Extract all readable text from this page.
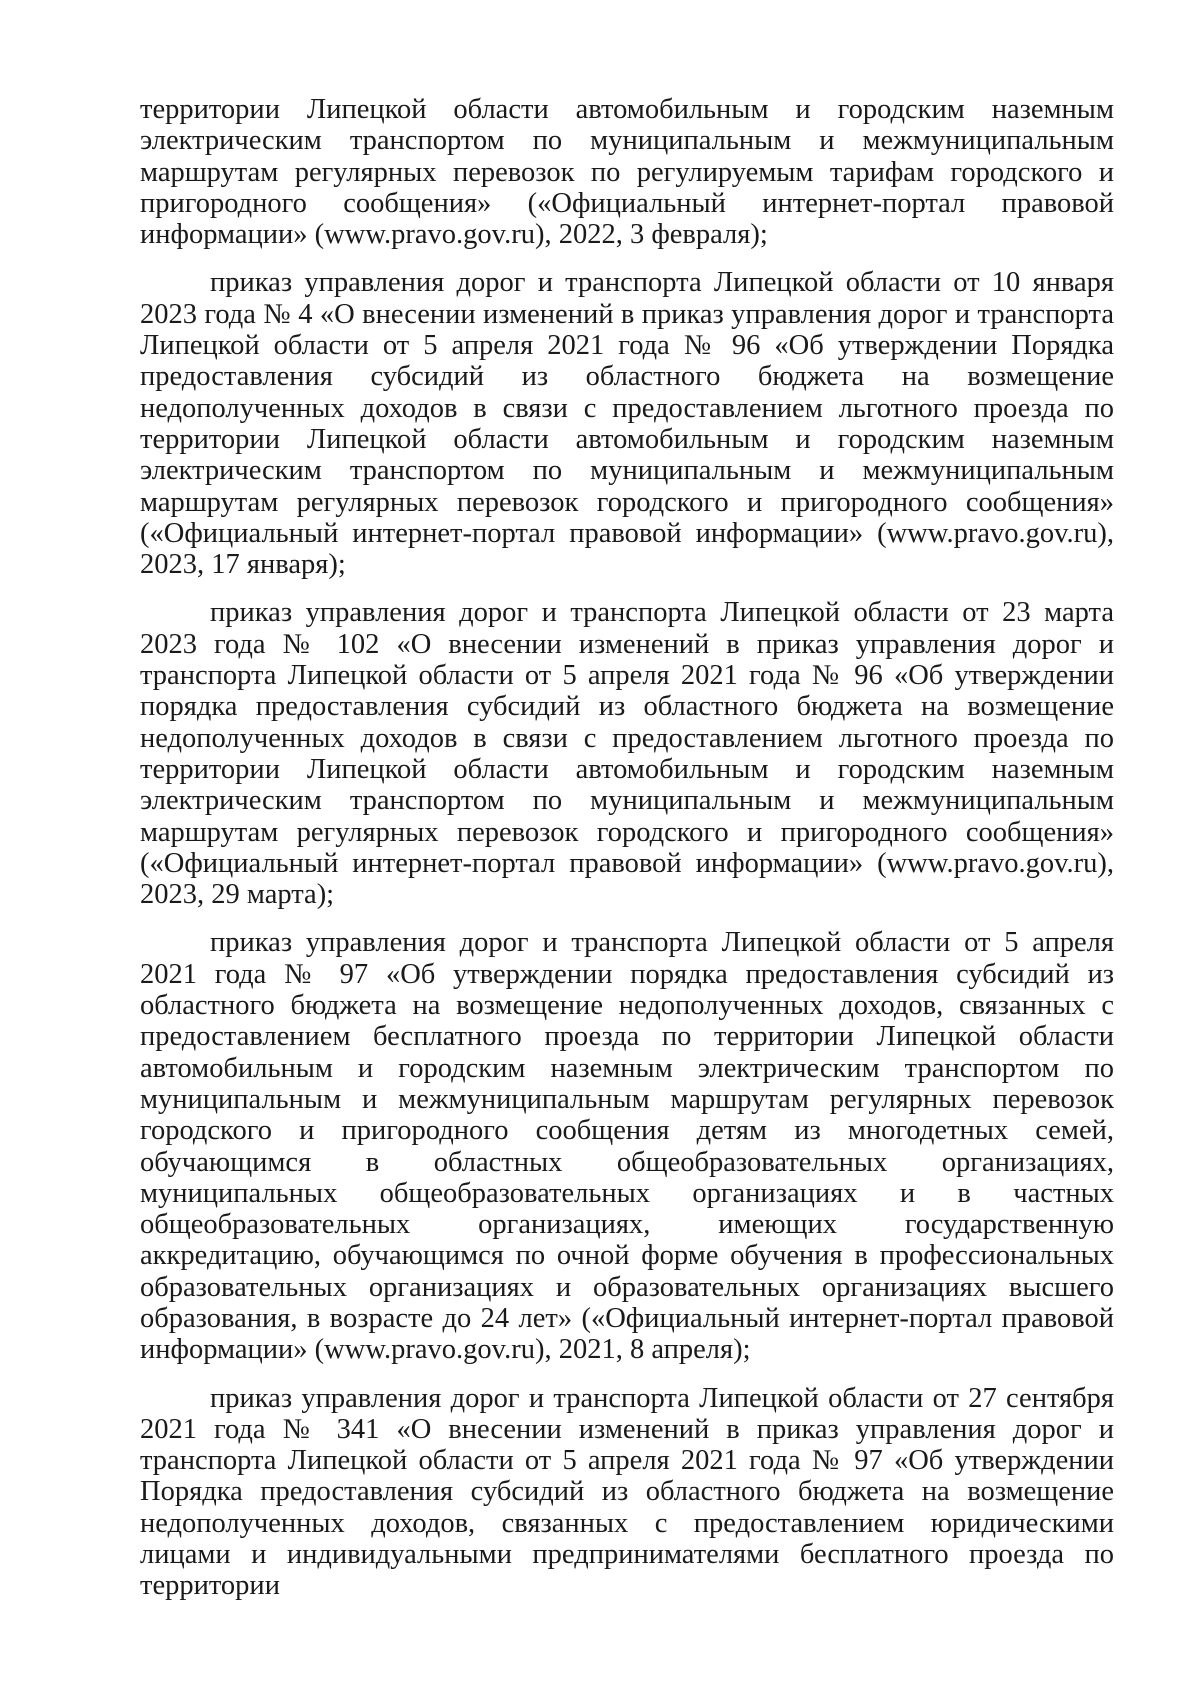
территории Липецкой области автомобильным и городским наземным электрическим транспортом по муниципальным и межмуниципальным маршрутам регулярных перевозок по регулируемым тарифам городского и пригородного сообщения» («Официальный интернет-портал правовой информации» (www.pravo.gov.ru), 2022, 3 февраля);

приказ управления дорог и транспорта Липецкой области от 10 января 2023 года № 4 «О внесении изменений в приказ управления дорог и транспорта Липецкой области от 5 апреля 2021 года № 96 «Об утверждении Порядка предоставления субсидий из областного бюджета на возмещение недополученных доходов в связи с предоставлением льготного проезда по территории Липецкой области автомобильным и городским наземным электрическим транспортом по муниципальным и межмуниципальным маршрутам регулярных перевозок городского и пригородного сообщения» («Официальный интернет-портал правовой информации» (www.pravo.gov.ru), 2023, 17 января);

приказ управления дорог и транспорта Липецкой области от 23 марта 2023 года № 102 «О внесении изменений в приказ управления дорог и транспорта Липецкой области от 5 апреля 2021 года № 96 «Об утверждении порядка предоставления субсидий из областного бюджета на возмещение недополученных доходов в связи с предоставлением льготного проезда по территории Липецкой области автомобильным и городским наземным электрическим транспортом по муниципальным и межмуниципальным маршрутам регулярных перевозок городского и пригородного сообщения» («Официальный интернет-портал правовой информации» (www.pravo.gov.ru), 2023, 29 марта);

приказ управления дорог и транспорта Липецкой области от 5 апреля 2021 года № 97 «Об утверждении порядка предоставления субсидий из областного бюджета на возмещение недополученных доходов, связанных с предоставлением бесплатного проезда по территории Липецкой области автомобильным и городским наземным электрическим транспортом по муниципальным и межмуниципальным маршрутам регулярных перевозок городского и пригородного сообщения детям из многодетных семей, обучающимся в областных общеобразовательных организациях, муниципальных общеобразовательных организациях и в частных общеобразовательных организациях, имеющих государственную аккредитацию, обучающимся по очной форме обучения в профессиональных образовательных организациях и образовательных организациях высшего образования, в возрасте до 24 лет» («Официальный интернет-портал правовой информации» (www.pravo.gov.ru), 2021, 8 апреля);

приказ управления дорог и транспорта Липецкой области от 27 сентября 2021 года № 341 «О внесении изменений в приказ управления дорог и транспорта Липецкой области от 5 апреля 2021 года № 97 «Об утверждении Порядка предоставления субсидий из областного бюджета на возмещение недополученных доходов, связанных с предоставлением юридическими лицами и индивидуальными предпринимателями бесплатного проезда по территории
